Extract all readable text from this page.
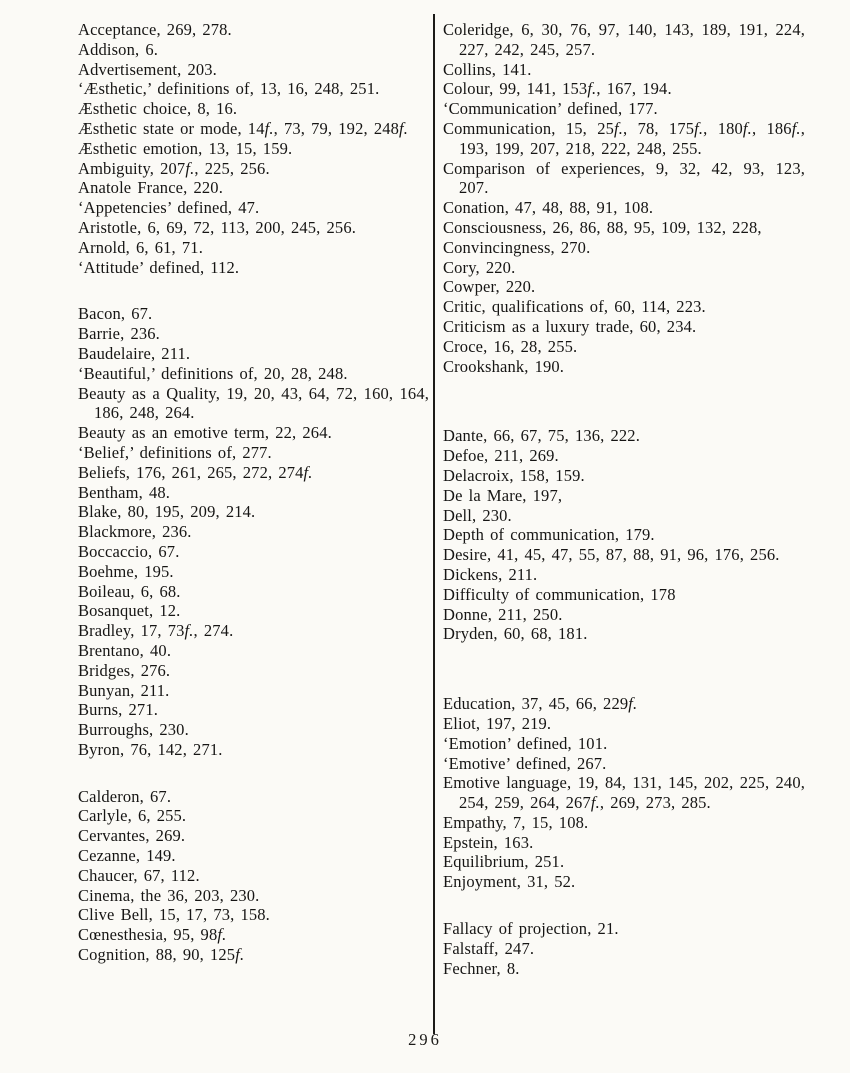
Acceptance, 269, 278.
Addison, 6.
Advertisement, 203.
‘Æsthetic,’ definitions of, 13, 16, 248, 251.
Æsthetic choice, 8, 16.
Æsthetic state or mode, 14f., 73, 79, 192, 248f.
Æsthetic emotion, 13, 15, 159.
Ambiguity, 207f., 225, 256.
Anatole France, 220.
‘Appetencies’ defined, 47.
Aristotle, 6, 69, 72, 113, 200, 245, 256.
Arnold, 6, 61, 71.
‘Attitude’ defined, 112.
Bacon, 67.
Barrie, 236.
Baudelaire, 211.
‘Beautiful,’ definitions of, 20, 28, 248.
Beauty as a Quality, 19, 20, 43, 64, 72, 160, 164, 186, 248, 264.
Beauty as an emotive term, 22, 264.
‘Belief,’ definitions of, 277.
Beliefs, 176, 261, 265, 272, 274f.
Bentham, 48.
Blake, 80, 195, 209, 214.
Blackmore, 236.
Boccaccio, 67.
Boehme, 195.
Boileau, 6, 68.
Bosanquet, 12.
Bradley, 17, 73f., 274.
Brentano, 40.
Bridges, 276.
Bunyan, 211.
Burns, 271.
Burroughs, 230.
Byron, 76, 142, 271.
Calderon, 67.
Carlyle, 6, 255.
Cervantes, 269.
Cezanne, 149.
Chaucer, 67, 112.
Cinema, the 36, 203, 230.
Clive Bell, 15, 17, 73, 158.
Cœnesthesia, 95, 98f.
Cognition, 88, 90, 125f.
Coleridge, 6, 30, 76, 97, 140, 143, 189, 191, 224, 227, 242, 245, 257.
Collins, 141.
Colour, 99, 141, 153f., 167, 194.
‘Communication’ defined, 177.
Communication, 15, 25f., 78, 175f., 180f., 186f., 193, 199, 207, 218, 222, 248, 255.
Comparison of experiences, 9, 32, 42, 93, 123, 207.
Conation, 47, 48, 88, 91, 108.
Consciousness, 26, 86, 88, 95, 109, 132, 228,
Convincingness, 270.
Cory, 220.
Cowper, 220.
Critic, qualifications of, 60, 114, 223.
Criticism as a luxury trade, 60, 234.
Croce, 16, 28, 255.
Crookshank, 190.
Dante, 66, 67, 75, 136, 222.
Defoe, 211, 269.
Delacroix, 158, 159.
De la Mare, 197,
Dell, 230.
Depth of communication, 179.
Desire, 41, 45, 47, 55, 87, 88, 91, 96, 176, 256.
Dickens, 211.
Difficulty of communication, 178
Donne, 211, 250.
Dryden, 60, 68, 181.
Education, 37, 45, 66, 229f.
Eliot, 197, 219.
‘Emotion’ defined, 101.
‘Emotive’ defined, 267.
Emotive language, 19, 84, 131, 145, 202, 225, 240, 254, 259, 264, 267f., 269, 273, 285.
Empathy, 7, 15, 108.
Epstein, 163.
Equilibrium, 251.
Enjoyment, 31, 52.
Fallacy of projection, 21.
Falstaff, 247.
Fechner, 8.
296
